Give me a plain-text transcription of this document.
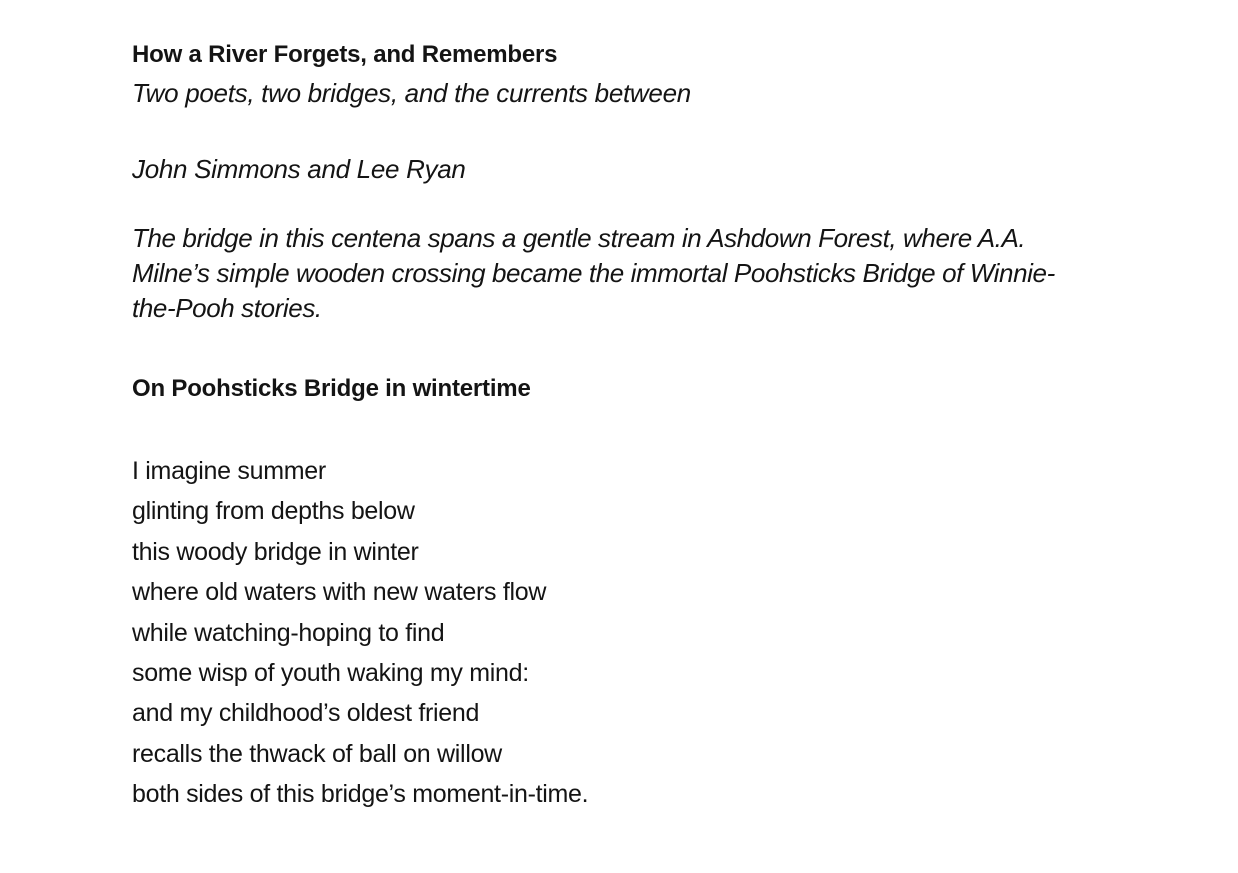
How a River Forgets, and Remembers

Two poets, two bridges, and the currents between

John Simmons and Lee Ryan

The bridge in this centena spans a gentle stream in Ashdown Forest, where A.A. Milne’s simple wooden crossing became the immortal Poohsticks Bridge of Winnie-the-Pooh stories.

On Poohsticks Bridge in wintertime
I imagine summer
glinting from depths below
this woody bridge in winter
where old waters with new waters flow
while watching-hoping to find
some wisp of youth waking my mind:
and my childhood’s oldest friend
recalls the thwack of ball on willow
both sides of this bridge’s moment-in-time.
